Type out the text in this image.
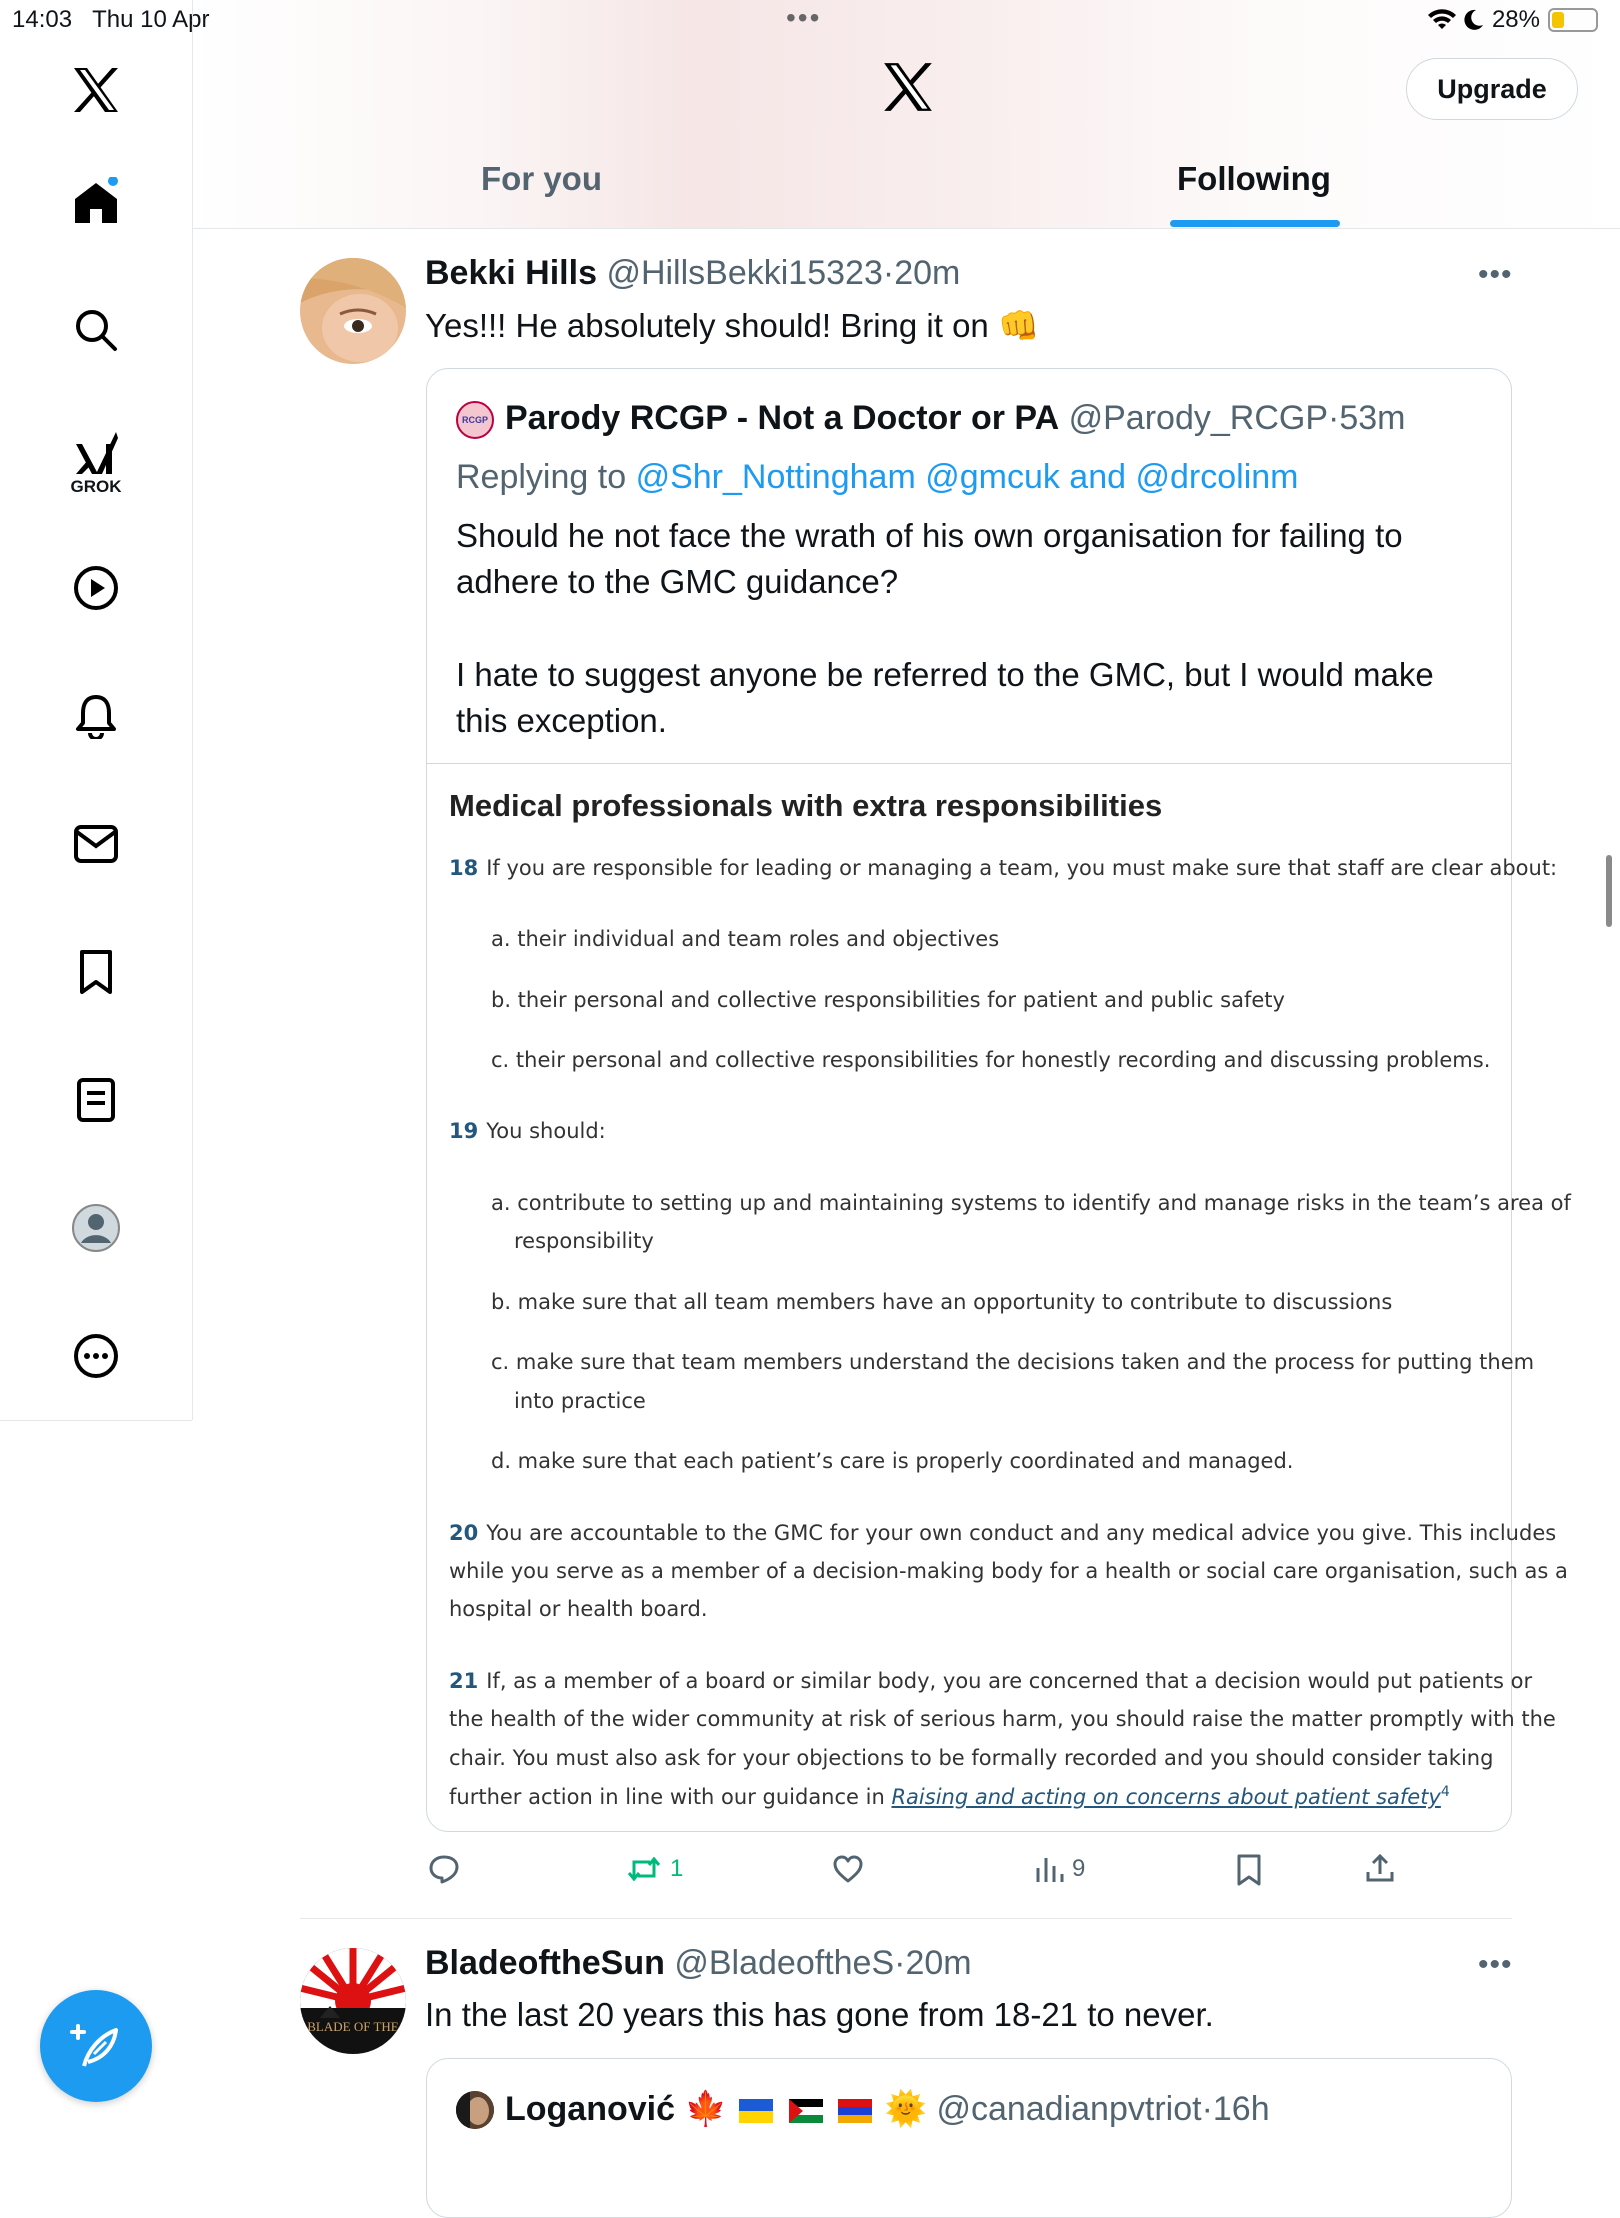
14:03 Thu 10 Apr	•••	28%
GROK
Upgrade
For you	Following
Bekki Hills @HillsBekki15323·20m	•••
Yes!!! He absolutely should! Bring it on 👊
RCGP Parody RCGP - Not a Doctor or PA @Parody_RCGP·53m
Replying to @Shr_Nottingham @gmcuk and @drcolinm
Should he not face the wrath of his own organisation for failing to
adhere to the GMC guidance?
I hate to suggest anyone be referred to the GMC, but I would make
this exception.

Medical professionals with extra responsibilities

18 If you are responsible for leading or managing a team, you must make sure that staff are clear about:

a. their individual and team roles and objectives

b. their personal and collective responsibilities for patient and public safety

c. their personal and collective responsibilities for honestly recording and discussing problems.

19 You should:

a. contribute to setting up and maintaining systems to identify and manage risks in the team’s area of

responsibility

b. make sure that all team members have an opportunity to contribute to discussions

c. make sure that team members understand the decisions taken and the process for putting them

into practice

d. make sure that each patient’s care is properly coordinated and managed.

20 You are accountable to the GMC for your own conduct and any medical advice you give. This includes

while you serve as a member of a decision-making body for a health or social care organisation, such as a

hospital or health board.

21 If, as a member of a board or similar body, you are concerned that a decision would put patients or

the health of the wider community at risk of serious harm, you should raise the matter promptly with the

chair. You must also ask for your objections to be formally recorded and you should consider taking

further action in line with our guidance in Raising and acting on concerns about patient safety$^4$

1	9
BLADE OF THE
BladeoftheSun @BladeoftheS·20m	•••
In the last 20 years this has gone from 18-21 to never.
Loganović 🍁	🌞 @canadianpvtriot·16h
